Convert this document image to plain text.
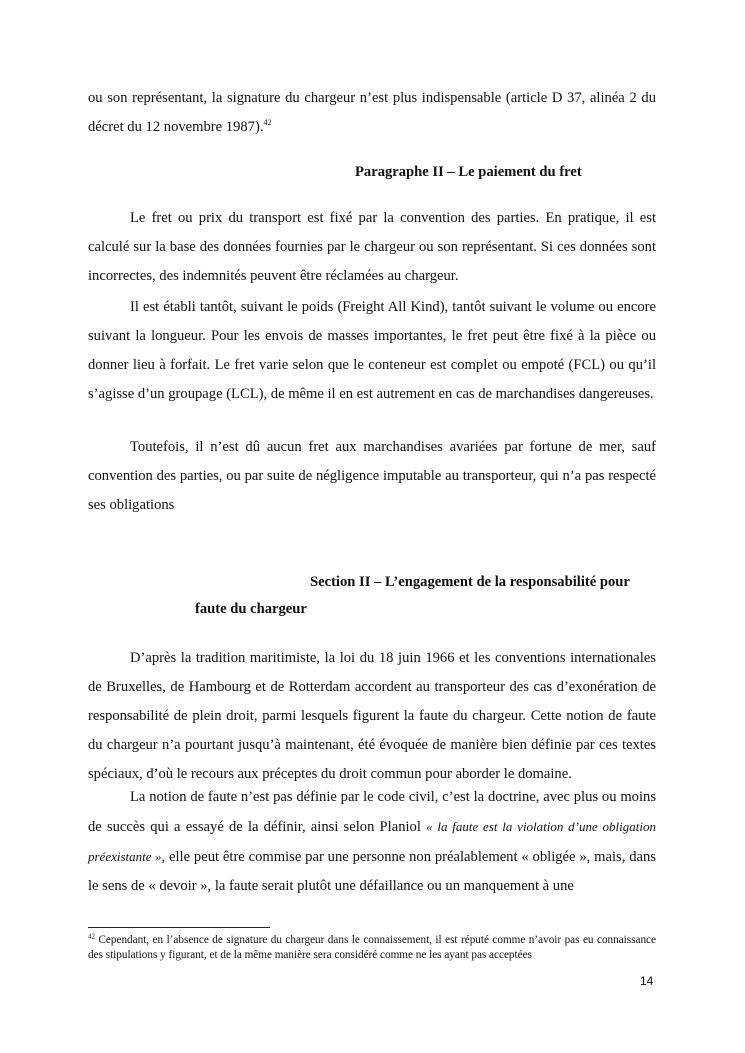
ou son représentant, la signature du chargeur n’est plus indispensable (article D 37, alinéa 2 du décret du 12 novembre 1987).$^{42}$

Paragraphe II – Le paiement du fret

Le fret ou prix du transport est fixé par la convention des parties. En pratique, il est calculé sur la base des données fournies par le chargeur ou son représentant. Si ces données sont incorrectes, des indemnités peuvent être réclamées au chargeur.

Il est établi tantôt, suivant le poids (Freight All Kind), tantôt suivant le volume ou encore suivant la longueur. Pour les envois de masses importantes, le fret peut être fixé à la pièce ou donner lieu à forfait. Le fret varie selon que le conteneur est complet ou empoté (FCL) ou qu’il s’agisse d’un groupage (LCL), de même il en est autrement en cas de marchandises dangereuses.

Toutefois, il n’est dû aucun fret aux marchandises avariées par fortune de mer, sauf convention des parties, ou par suite de négligence imputable au transporteur, qui n’a pas respecté ses obligations

Section II – L’engagement de la responsabilité pour

faute du chargeur

D’après la tradition maritimiste, la loi du 18 juin 1966 et les conventions internationales de Bruxelles, de Hambourg et de Rotterdam accordent au transporteur des cas d’exonération de responsabilité de plein droit, parmi lesquels figurent la faute du chargeur. Cette notion de faute du chargeur n’a pourtant jusqu’à maintenant, été évoquée de manière bien définie par ces textes spéciaux, d’où le recours aux préceptes du droit commun pour aborder le domaine.

La notion de faute n’est pas définie par le code civil, c’est la doctrine, avec plus ou moins de succès qui a essayé de la définir, ainsi selon Planiol « la faute est la violation d’une obligation préexistante », elle peut être commise par une personne non préalablement « obligée », mais, dans le sens de « devoir », la faute serait plutôt une défaillance ou un manquement à une

$^{42}$ Cependant, en l’absence de signature du chargeur dans le connaissement, il est réputé comme n’avoir pas eu connaissance des stipulations y figurant, et de la même manière sera considéré comme ne les ayant pas acceptées

14
